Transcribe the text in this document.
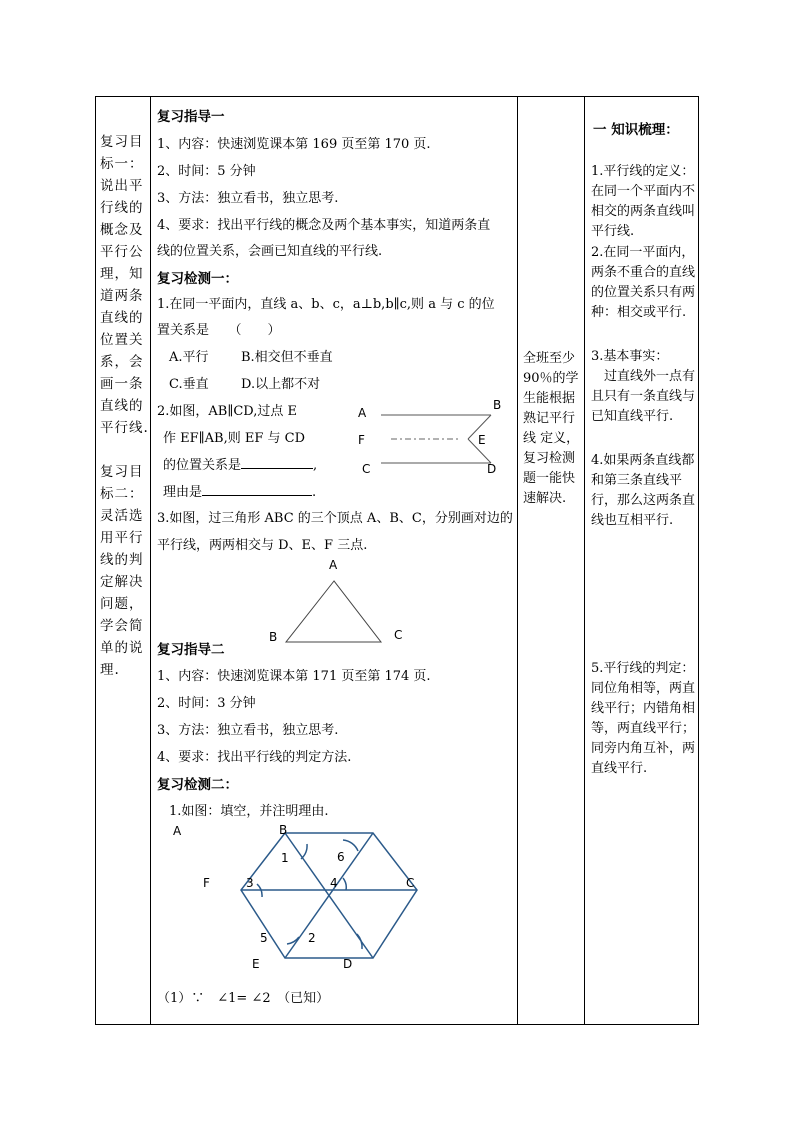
复习目
标一：
说出平
行线的
概念及
平行公
理，知
道两条
直线的
位置关
系，会
画一条
直线的
平行线.

复习目
标二：
灵活选
用平行
线的判
定解决
问题，
学会简
单的说
理.

复习指导一
1、内容：快速浏览课本第 169 页至第 170 页.
2、时间：5 分钟
3、方法：独立看书，独立思考.
4、要求：找出平行线的概念及两个基本事实，知道两条直
线的位置关系，会画已知直线的平行线.
复习检测一：
1.在同一平面内，直线 a、b、c，a⊥b,b∥c,则 a 与 c 的位
置关系是　　（　　）
A.平行 B.相交但不垂直
C.垂直 D.以上都不对
2.如图，AB∥CD,过点 E
作 EF∥AB,则 EF 与 CD
的位置关系是	,
理由是	.
A
B
F	E
C	D
3.如图，过三角形 ABC 的三个顶点 A、B、C，分别画对边的
平行线，两两相交与 D、E、F 三点.
A
B	C
复习指导二
1、内容：快速浏览课本第 171 页至第 174 页.
2、时间：3 分钟
3、方法：独立看书，独立思考.
4、要求：找出平行线的判定方法.
复习检测二：
1.如图：填空，并注明理由.
A	B
C
D
E
F
1
2
3	4
5
6
（1）∵　∠1= ∠2　（已知）

全班至少 90％的学生能根据熟记平行线 定义，复习检测题一能快速解决.

一 知识梳理：

1.平行线的定义：在同一个平面内不相交的两条直线叫平行线.

2.在同一平面内，两条不重合的直线的位置关系只有两种：相交或平行.

3.基本事实：

　过直线外一点有且只有一条直线与已知直线平行.

4.如果两条直线都和第三条直线平行，那么这两条直线也互相平行.

5.平行线的判定：同位角相等，两直线平行；内错角相等，两直线平行；同旁内角互补，两直线平行.
